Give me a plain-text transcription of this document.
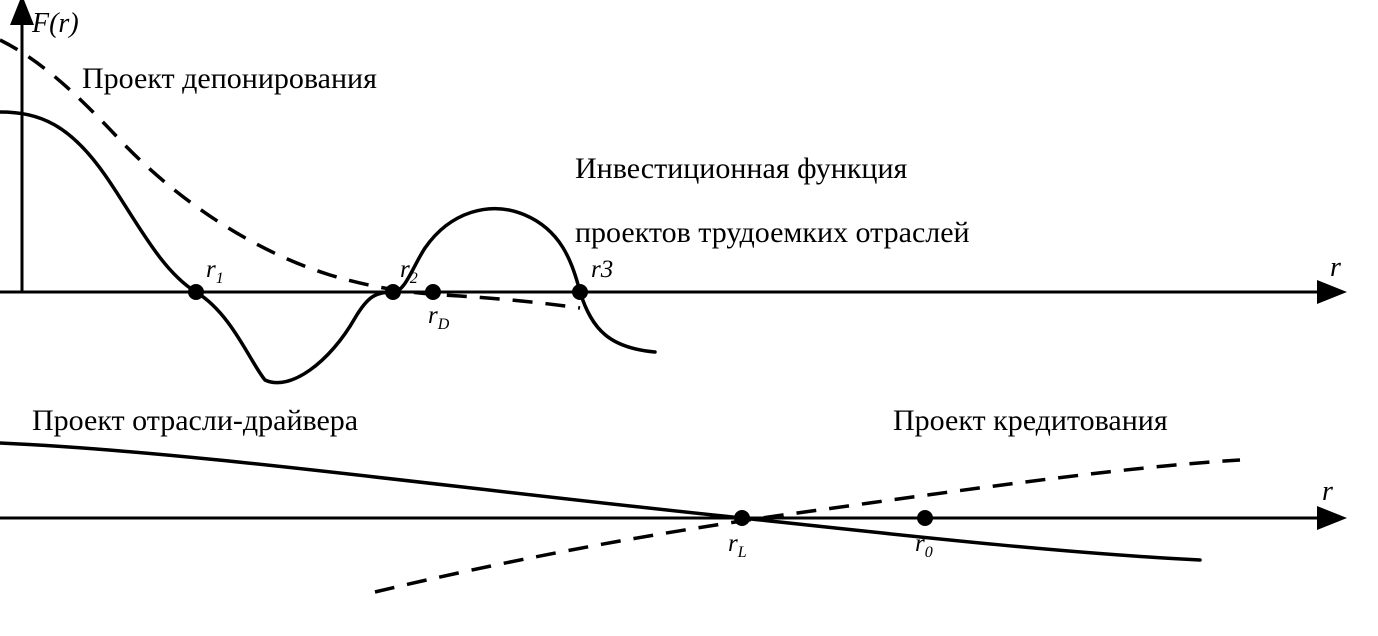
F(r)
r
r
Проект депонирования
Инвестиционная функция
проектов трудоемких отраслей
Проект отрасли-драйвера	Проект кредитования
$r_1$	$r_2$
$r_D$
r3
$r_L$	$r_0$
